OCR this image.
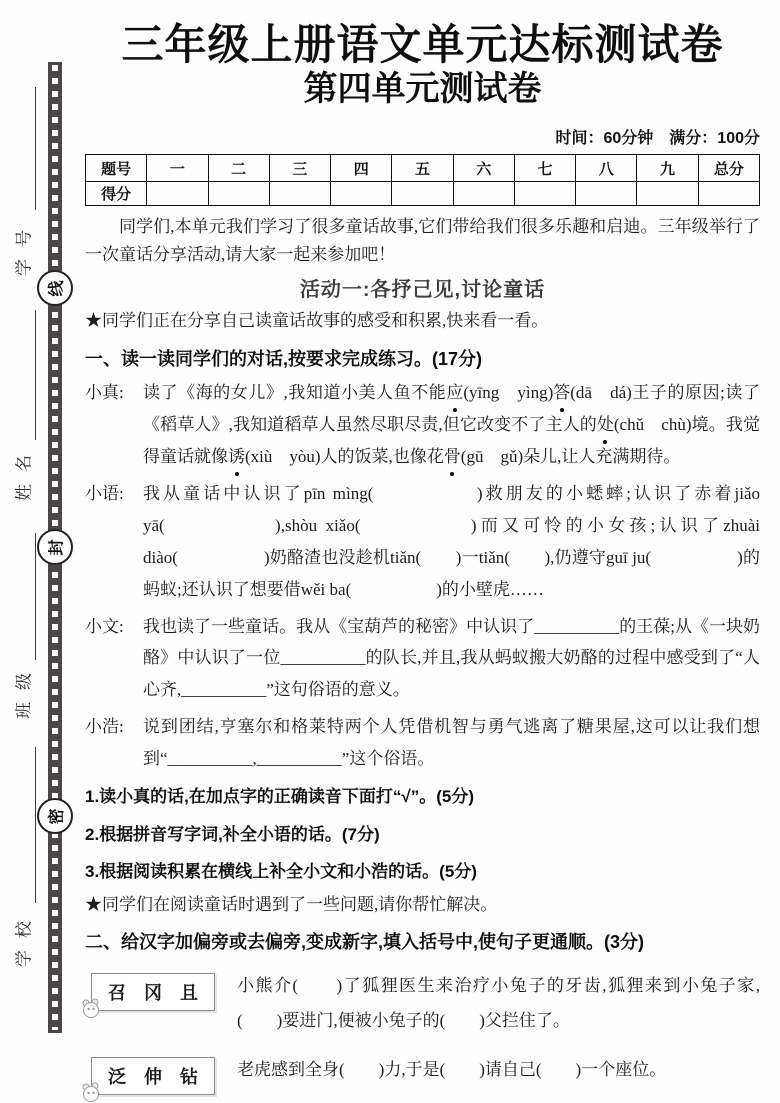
学号
姓名
班级
学校
线
封
密
三年级上册语文单元达标测试卷
第四单元测试卷
时间：60分钟　满分：100分
题号	一	二	三	四	五	六	七	八	九	总分
得分										
同学们,本单元我们学习了很多童话故事,它们带给我们很多乐趣和启迪。三年级举行了一次童话分享活动,请大家一起来参加吧！
活动一:各抒己见,讨论童话
★同学们正在分享自己读童话故事的感受和积累,快来看一看。
一、读一读同学们的对话,按要求完成练习。(17分)
小真: 读了《海的女儿》,我知道小美人鱼不能应(yīng　yìng)答(dā　dá)王子的原因;读了《稻草人》,我知道稻草人虽然尽职尽责,但它改变不了主人的处(chǔ　chù)境。我觉得童话就像诱(xiù　yòu)人的饭菜,也像花骨(gū　gǔ)朵儿,让人充满期待。
小语: 我从童话中认识了pīn mìng(　　　　　)救朋友的小蟋蟀;认识了赤着jiǎo yā(　　　　　),shòu xiǎo(　　　　　)而又可怜的小女孩;认识了zhuài diào(　　　　　)奶酪渣也没趁机tiǎn(　　)一tiǎn(　　),仍遵守guī ju(　　　　　)的蚂蚁;还认识了想要借wěi ba(　　　　　)的小壁虎……
小文: 我也读了一些童话。我从《宝葫芦的秘密》中认识了__________的王葆;从《一块奶酪》中认识了一位__________的队长,并且,我从蚂蚁搬大奶酪的过程中感受到了“人心齐,__________”这句俗语的意义。
小浩: 说到团结,亨塞尔和格莱特两个人凭借机智与勇气逃离了糖果屋,这可以让我们想到“__________,__________”这个俗语。
1.读小真的话,在加点字的正确读音下面打“√”。(5分)
2.根据拼音写字词,补全小语的话。(7分)
3.根据阅读积累在横线上补全小文和小浩的话。(5分)
★同学们在阅读童话时遇到了一些问题,请你帮忙解决。
二、给汉字加偏旁或去偏旁,变成新字,填入括号中,使句子更通顺。(3分)
召　冈　且	小熊介(　　)了狐狸医生来治疗小兔子的牙齿,狐狸来到小兔子家,(　　)要进门,便被小兔子的(　　)父拦住了。
泛　伸　钻	老虎感到全身(　　)力,于是(　　)请自己(　　)一个座位。
